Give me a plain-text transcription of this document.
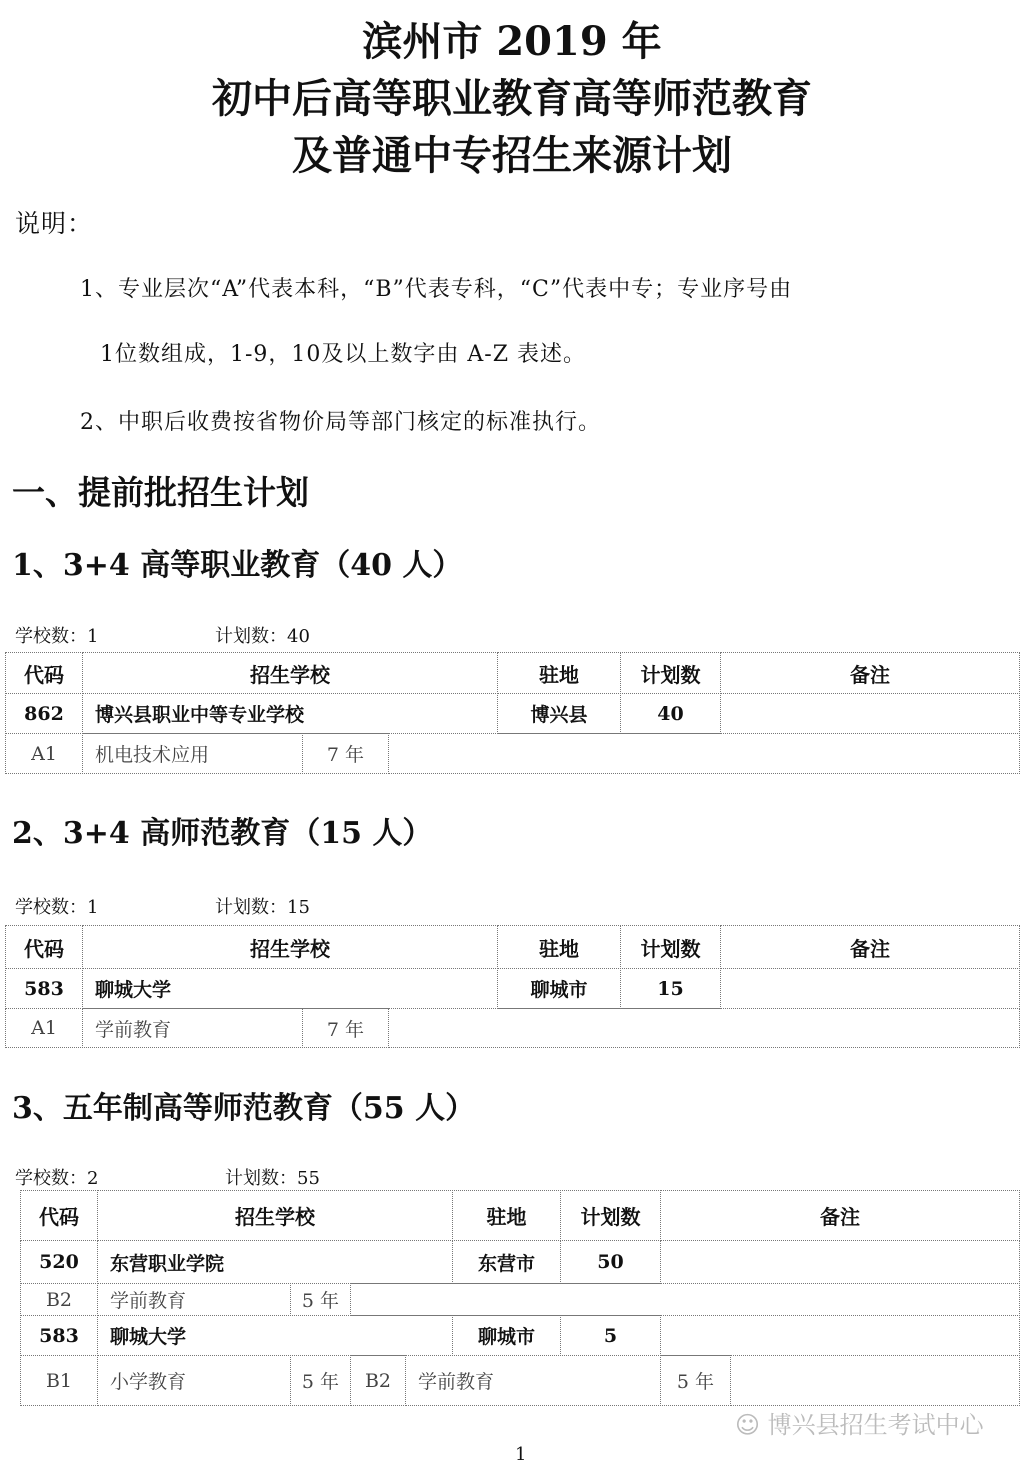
滨州市 2019 年
初中后高等职业教育高等师范教育
及普通中专招生来源计划
说明：
1、专业层次“A”代表本科，“B”代表专科，“C”代表中专；专业序号由
1位数组成，1-9，10及以上数字由 A-Z 表述。
2、中职后收费按省物价局等部门核定的标准执行。
一、提前批招生计划
1、3+4 高等职业教育（40 人）
学校数：1	计划数：40
代码	招生学校	驻地	计划数	备注
862	博兴县职业中等专业学校	博兴县	40
A1	机电技术应用	7 年
2、3+4 高师范教育（15 人）
学校数：1	计划数：15
代码	招生学校	驻地	计划数	备注
583	聊城大学	聊城市	15
A1	学前教育	7 年
3、五年制高等师范教育（55 人）
学校数：2	计划数：55
代码	招生学校	驻地	计划数	备注
520	东营职业学院	东营市	50
B2	学前教育	5 年
583	聊城大学	聊城市	5
B1	小学教育	5 年	B2	学前教育	5 年
☺ 博兴县招生考试中心
1
